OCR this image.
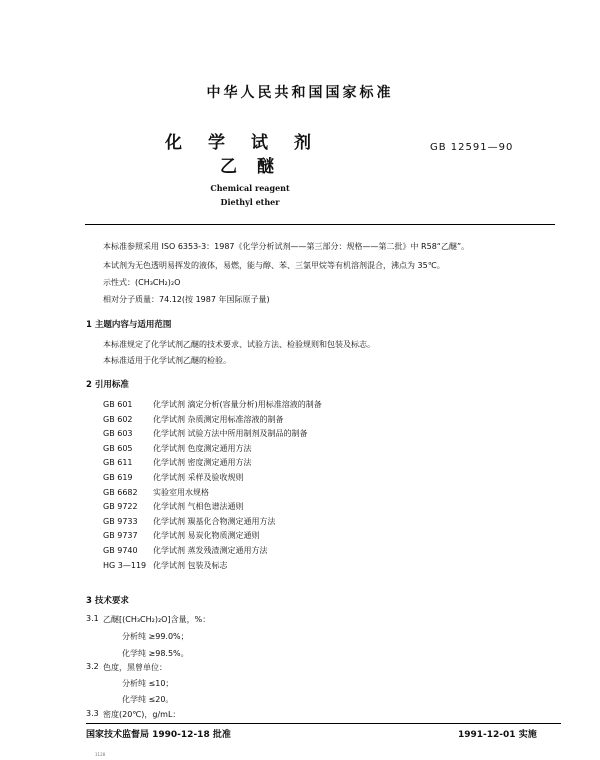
中华人民共和国国家标准
化学试剂
乙醚
GB 12591—90
Chemical reagent
Diethyl ether
本标准参照采用 ISO 6353-3：1987《化学分析试剂——第三部分：规格——第二批》中 R58“乙醚”。
本试剂为无色透明易挥发的液体，易燃，能与醇、苯、三氯甲烷等有机溶剂混合，沸点为 35℃。
示性式：(CH₃CH₂)₂O
相对分子质量：74.12(按 1987 年国际原子量)
1 主题内容与适用范围
本标准规定了化学试剂乙醚的技术要求、试验方法、检验规则和包装及标志。
本标准适用于化学试剂乙醚的检验。
2 引用标准
GB 601	化学试剂 滴定分析(容量分析)用标准溶液的制备
GB 602	化学试剂 杂质测定用标准溶液的制备
GB 603	化学试剂 试验方法中所用制剂及制品的制备
GB 605	化学试剂 色度测定通用方法
GB 611	化学试剂 密度测定通用方法
GB 619	化学试剂 采样及验收规则
GB 6682 实验室用水规格
GB 9722 化学试剂 气相色谱法通则
GB 9733 化学试剂 羰基化合物测定通用方法
GB 9737 化学试剂 易炭化物质测定通则
GB 9740 化学试剂 蒸发残渣测定通用方法
HG 3—119 化学试剂 包装及标志
3 技术要求
3.1 乙醚[(CH₃CH₂)₂O]含量，%：
分析纯 ≥99.0%；
化学纯 ≥98.5%。
3.2 色度，黑曾单位：
分析纯 ≤10；
化学纯 ≤20。
3.3 密度(20℃)，g/mL：
国家技术监督局 1990-12-18 批准	1991-12-01 实施
1128
